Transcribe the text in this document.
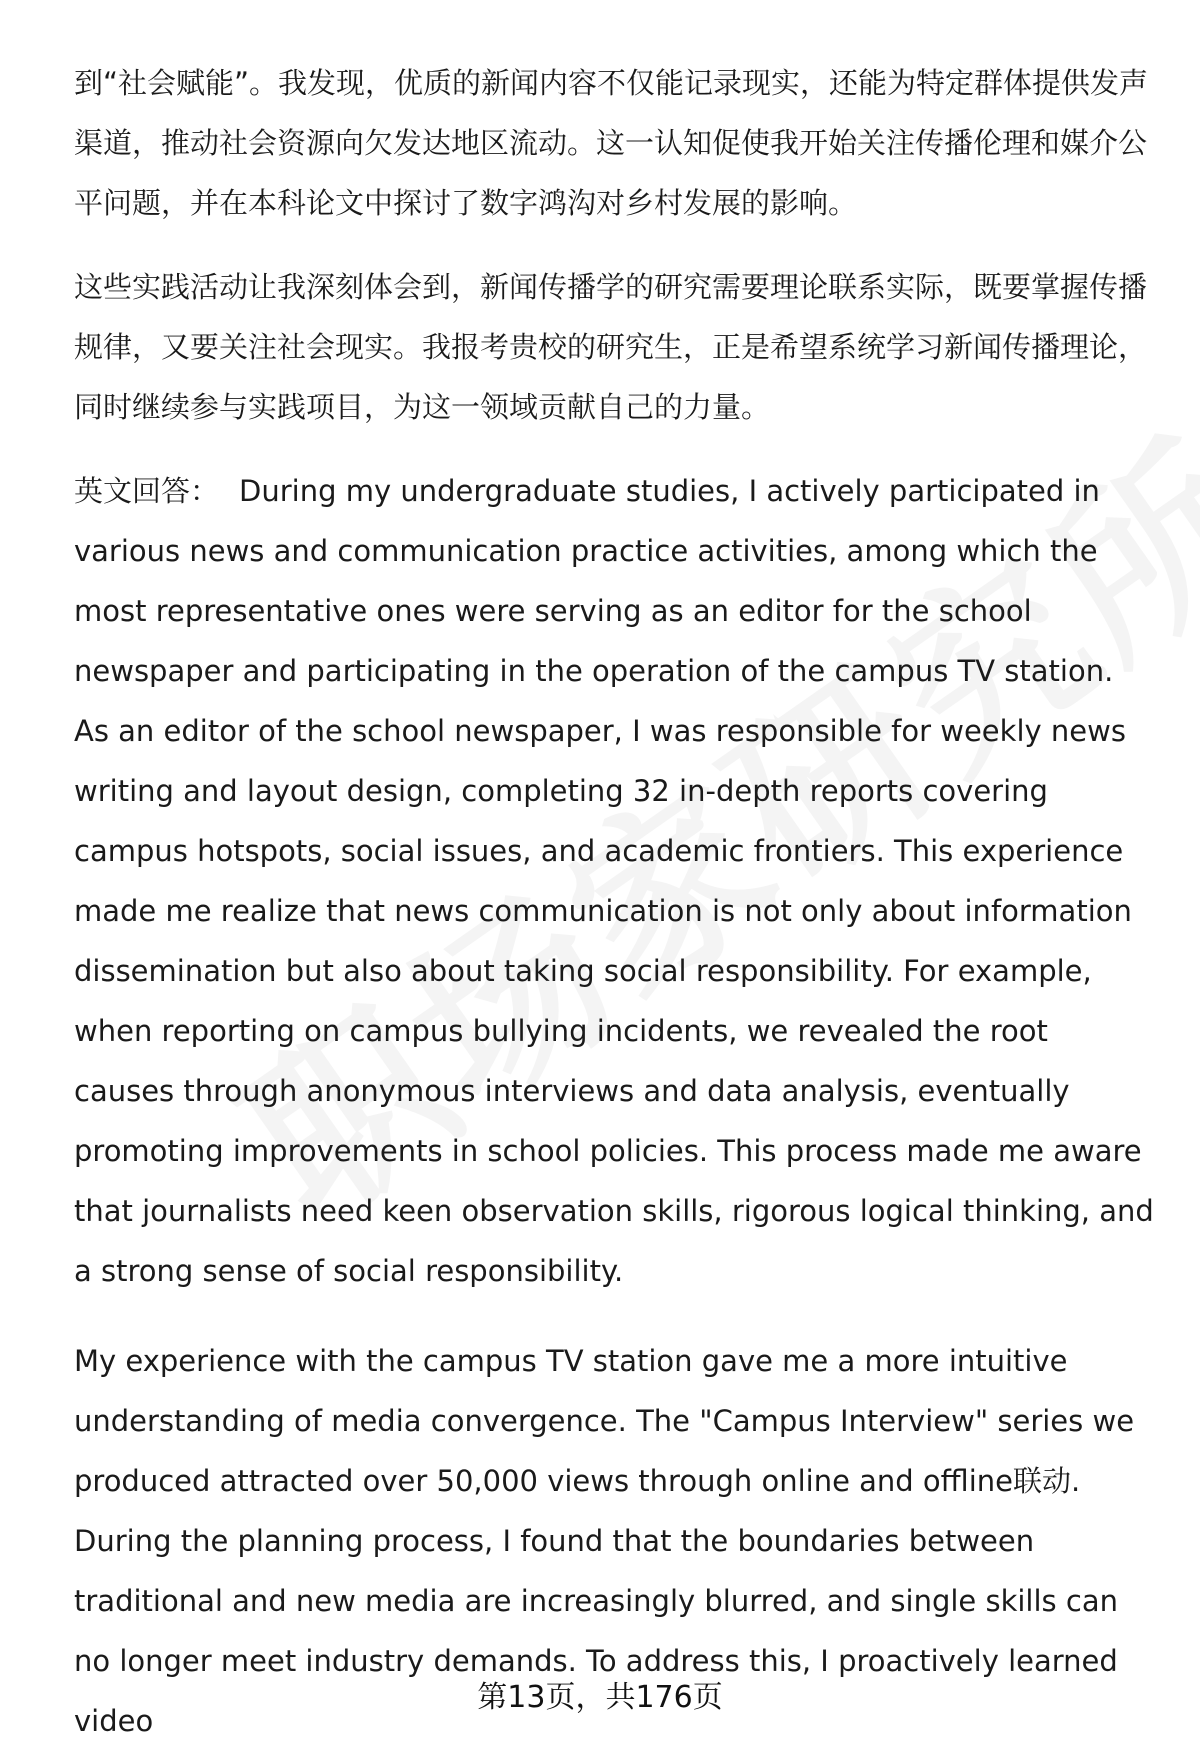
到“社会赋能”。我发现，优质的新闻内容不仅能记录现实，还能为特定群体提供发声渠道，推动社会资源向欠发达地区流动。这一认知促使我开始关注传播伦理和媒介公平问题，并在本科论文中探讨了数字鸿沟对乡村发展的影响。

这些实践活动让我深刻体会到，新闻传播学的研究需要理论联系实际，既要掌握传播规律，又要关注社会现实。我报考贵校的研究生，正是希望系统学习新闻传播理论，同时继续参与实践项目，为这一领域贡献自己的力量。

英文回答： During my undergraduate studies, I actively participated in various news and communication practice activities, among which the most representative ones were serving as an editor for the school newspaper and participating in the operation of the campus TV station. As an editor of the school newspaper, I was responsible for weekly news writing and layout design, completing 32 in-depth reports covering campus hotspots, social issues, and academic frontiers. This experience made me realize that news communication is not only about information dissemination but also about taking social responsibility. For example, when reporting on campus bullying incidents, we revealed the root causes through anonymous interviews and data analysis, eventually promoting improvements in school policies. This process made me aware that journalists need keen observation skills, rigorous logical thinking, and a strong sense of social responsibility.

My experience with the campus TV station gave me a more intuitive understanding of media convergence. The "Campus Interview" series we produced attracted over 50,000 views through online and offline联动. During the planning process, I found that the boundaries between traditional and new media are increasingly blurred, and single skills can no longer meet industry demands. To address this, I proactively learned video

第13页，共176页
